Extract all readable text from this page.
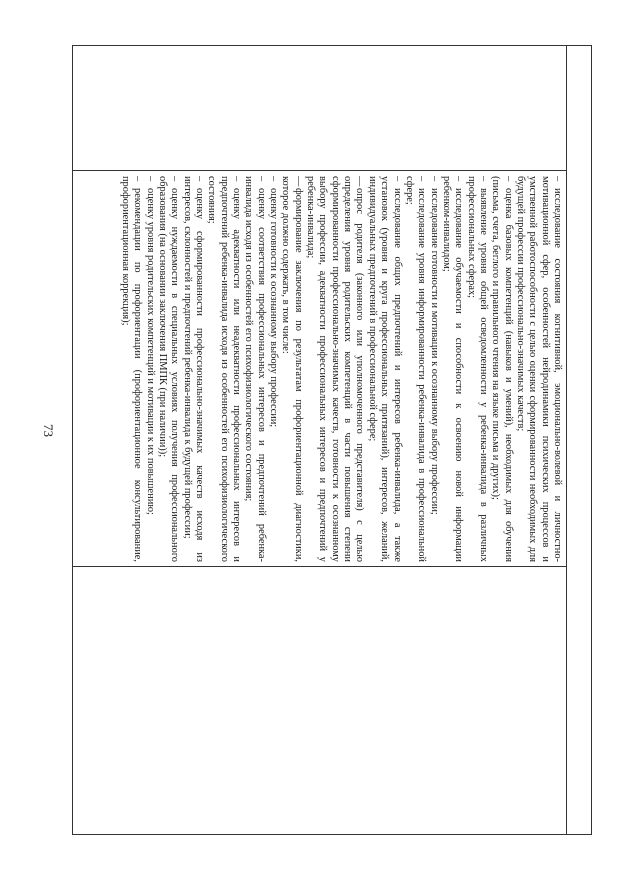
73
–исследование состояния когнитивной, эмоционально-волевой и личностно-мотивационной сфер, особенностей нейродинамики психических процессов и умственной работоспособности с целью оценки сформированности необходимых для будущей профессии профессионально-значимых качеств;
–оценка базовых компетенций (навыков и умений), необходимых для обучения (письма, счета, беглого и правильного чтения на языке письма и других);
–выявление уровня общей осведомленности у ребенка-инвалида в различных профессиональных сферах;
–исследование обучаемости и способности к освоению новой информации ребенком-инвалидом;
–исследование готовности и мотивации к осознанному выбору профессии;
–исследование уровня информированности ребенка-инвалида в профессиональной сфере;
–исследование общих предпочтений и интересов ребенка-инвалида, а также установок (уровня и круга профессиональных притязаний), интересов, желаний, индивидуальных предпочтений в профессиональной сфере;
—опрос родителя (законного или уполномоченного представителя) с целью определения уровня родительских компетенций в части повышения степени сформированности профессионально-значимых качеств, готовности к осознанному выбору профессии, адекватности профессиональных интересов и предпочтений у ребенка-инвалида;
—формирование заключения по результатам профориентационной диагностики, которое должно содержать, в том числе:
–оценку готовности к осознанному выбору профессии;
–оценку соответствия профессиональных интересов и предпочтений ребенка-инвалида исходя из особенностей его психофизиологического состояния;
–оценку адекватности или неадекватности профессиональных интересов и предпочтений ребенка-инвалида исходя из особенностей его психофизиологического состояния;
–оценку сформированности профессионально-значимых качеств исходя из интересов, склонностей и предпочтений ребенка-инвалида к будущей профессии;
–оценку нуждаемости в специальных условиях получения профессионального образования (на основании заключения ПМПК (при наличии));
–оценку уровня родительских компетенций и мотивации к их повышению;
–рекомендации по профориентации (профориентационное консультирование, профориентационная коррекция);
